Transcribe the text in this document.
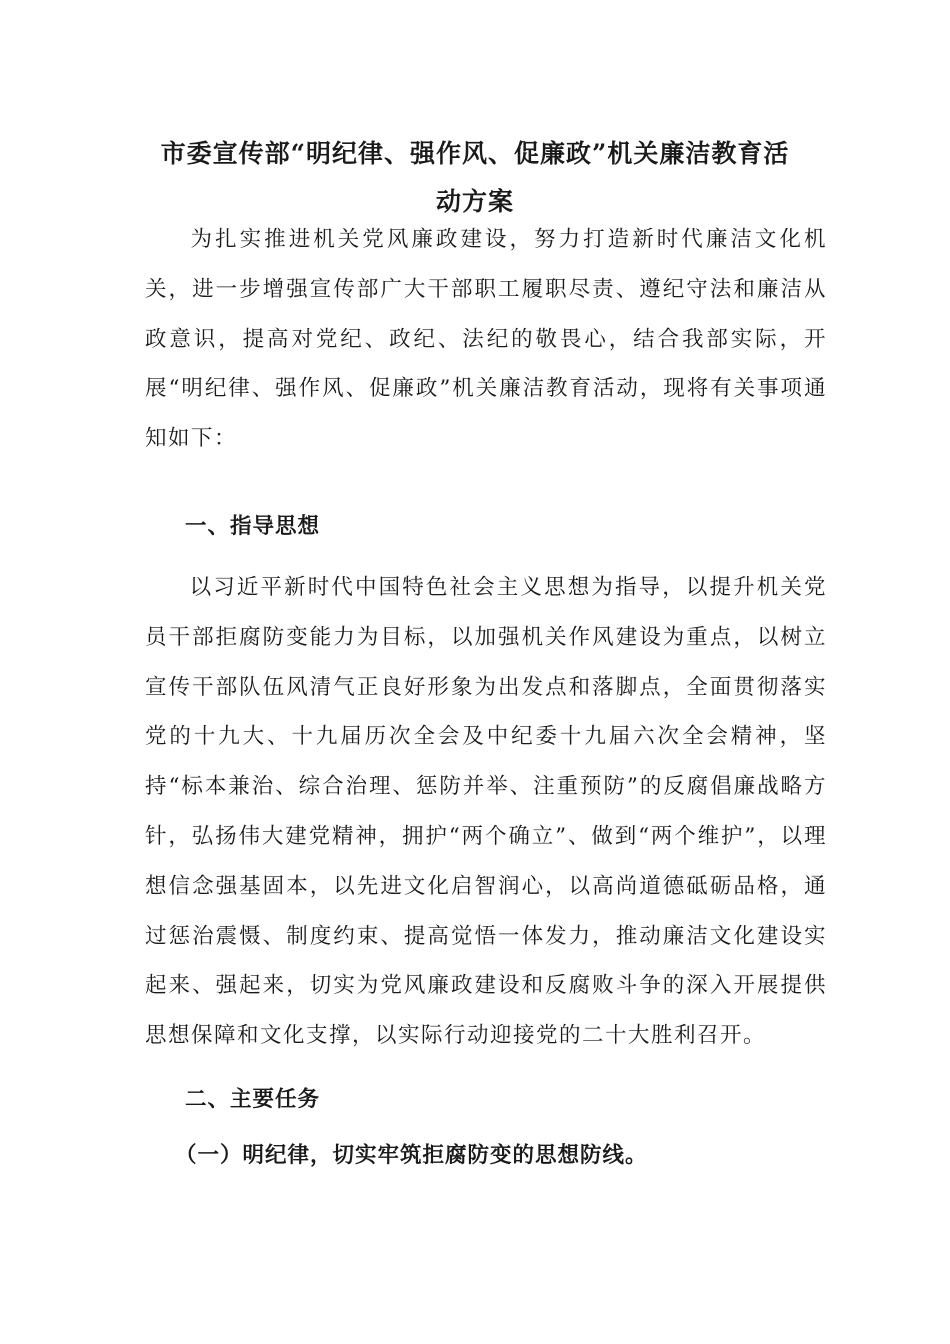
市委宣传部“明纪律、强作风、促廉政”机关廉洁教育活
动方案

为扎实推进机关党风廉政建设，努力打造新时代廉洁文化机关，进一步增强宣传部广大干部职工履职尽责、遵纪守法和廉洁从政意识，提高对党纪、政纪、法纪的敬畏心，结合我部实际，开展“明纪律、强作风、促廉政”机关廉洁教育活动，现将有关事项通知如下：

一、指导思想

以习近平新时代中国特色社会主义思想为指导，以提升机关党员干部拒腐防变能力为目标，以加强机关作风建设为重点，以树立宣传干部队伍风清气正良好形象为出发点和落脚点，全面贯彻落实党的十九大、十九届历次全会及中纪委十九届六次全会精神，坚持“标本兼治、综合治理、惩防并举、注重预防”的反腐倡廉战略方针，弘扬伟大建党精神，拥护“两个确立”、做到“两个维护”，以理想信念强基固本，以先进文化启智润心，以高尚道德砥砺品格，通过惩治震慑、制度约束、提高觉悟一体发力，推动廉洁文化建设实起来、强起来，切实为党风廉政建设和反腐败斗争的深入开展提供思想保障和文化支撑，以实际行动迎接党的二十大胜利召开。

二、主要任务
（一）明纪律，切实牢筑拒腐防变的思想防线。
